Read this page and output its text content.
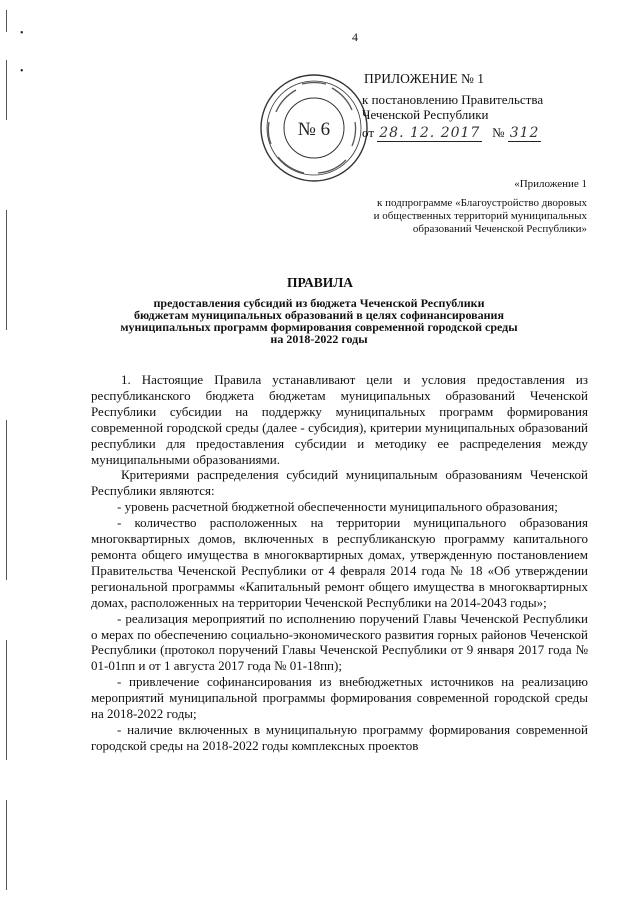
•
•
4
№ 6
ПРИЛОЖЕНИЕ № 1
к постановлению Правительства
Чеченской Республики
от 28. 12. 2017 № 312
«Приложение 1
к подпрограмме «Благоустройство дворовых
и общественных территорий муниципальных
образований Чеченской Республики»
ПРАВИЛА
предоставления субсидий из бюджета Чеченской Республики
бюджетам муниципальных образований в целях софинансирования
муниципальных программ формирования современной городской среды
на 2018-2022 годы

1. Настоящие Правила устанавливают цели и условия предоставления из республиканского бюджета бюджетам муниципальных образований Чеченской Республики субсидии на поддержку муниципальных программ формирования современной городской среды (далее - субсидия), критерии муниципальных образований республики для предоставления субсидии и методику ее распределения между муниципальными образованиями.

Критериями распределения субсидий муниципальным образованиям Чеченской Республики являются:

- уровень расчетной бюджетной обеспеченности муниципального образования;

- количество расположенных на территории муниципального образования многоквартирных домов, включенных в республиканскую программу капитального ремонта общего имущества в многоквартирных домах, утвержденную постановлением Правительства Чеченской Республики от 4 февраля 2014 года № 18 «Об утверждении региональной программы «Капитальный ремонт общего имущества в многоквартирных домах, расположенных на территории Чеченской Республики на 2014-2043 годы»;

- реализация мероприятий по исполнению поручений Главы Чеченской Республики о мерах по обеспечению социально-экономического развития горных районов Чеченской Республики (протокол поручений Главы Чеченской Республики от 9 января 2017 года № 01-01пп и от 1 августа 2017 года № 01-18пп);

- привлечение софинансирования из внебюджетных источников на реализацию мероприятий муниципальной программы формирования современной городской среды на 2018-2022 годы;

- наличие включенных в муниципальную программу формирования современной городской среды на 2018-2022 годы комплексных проектов
